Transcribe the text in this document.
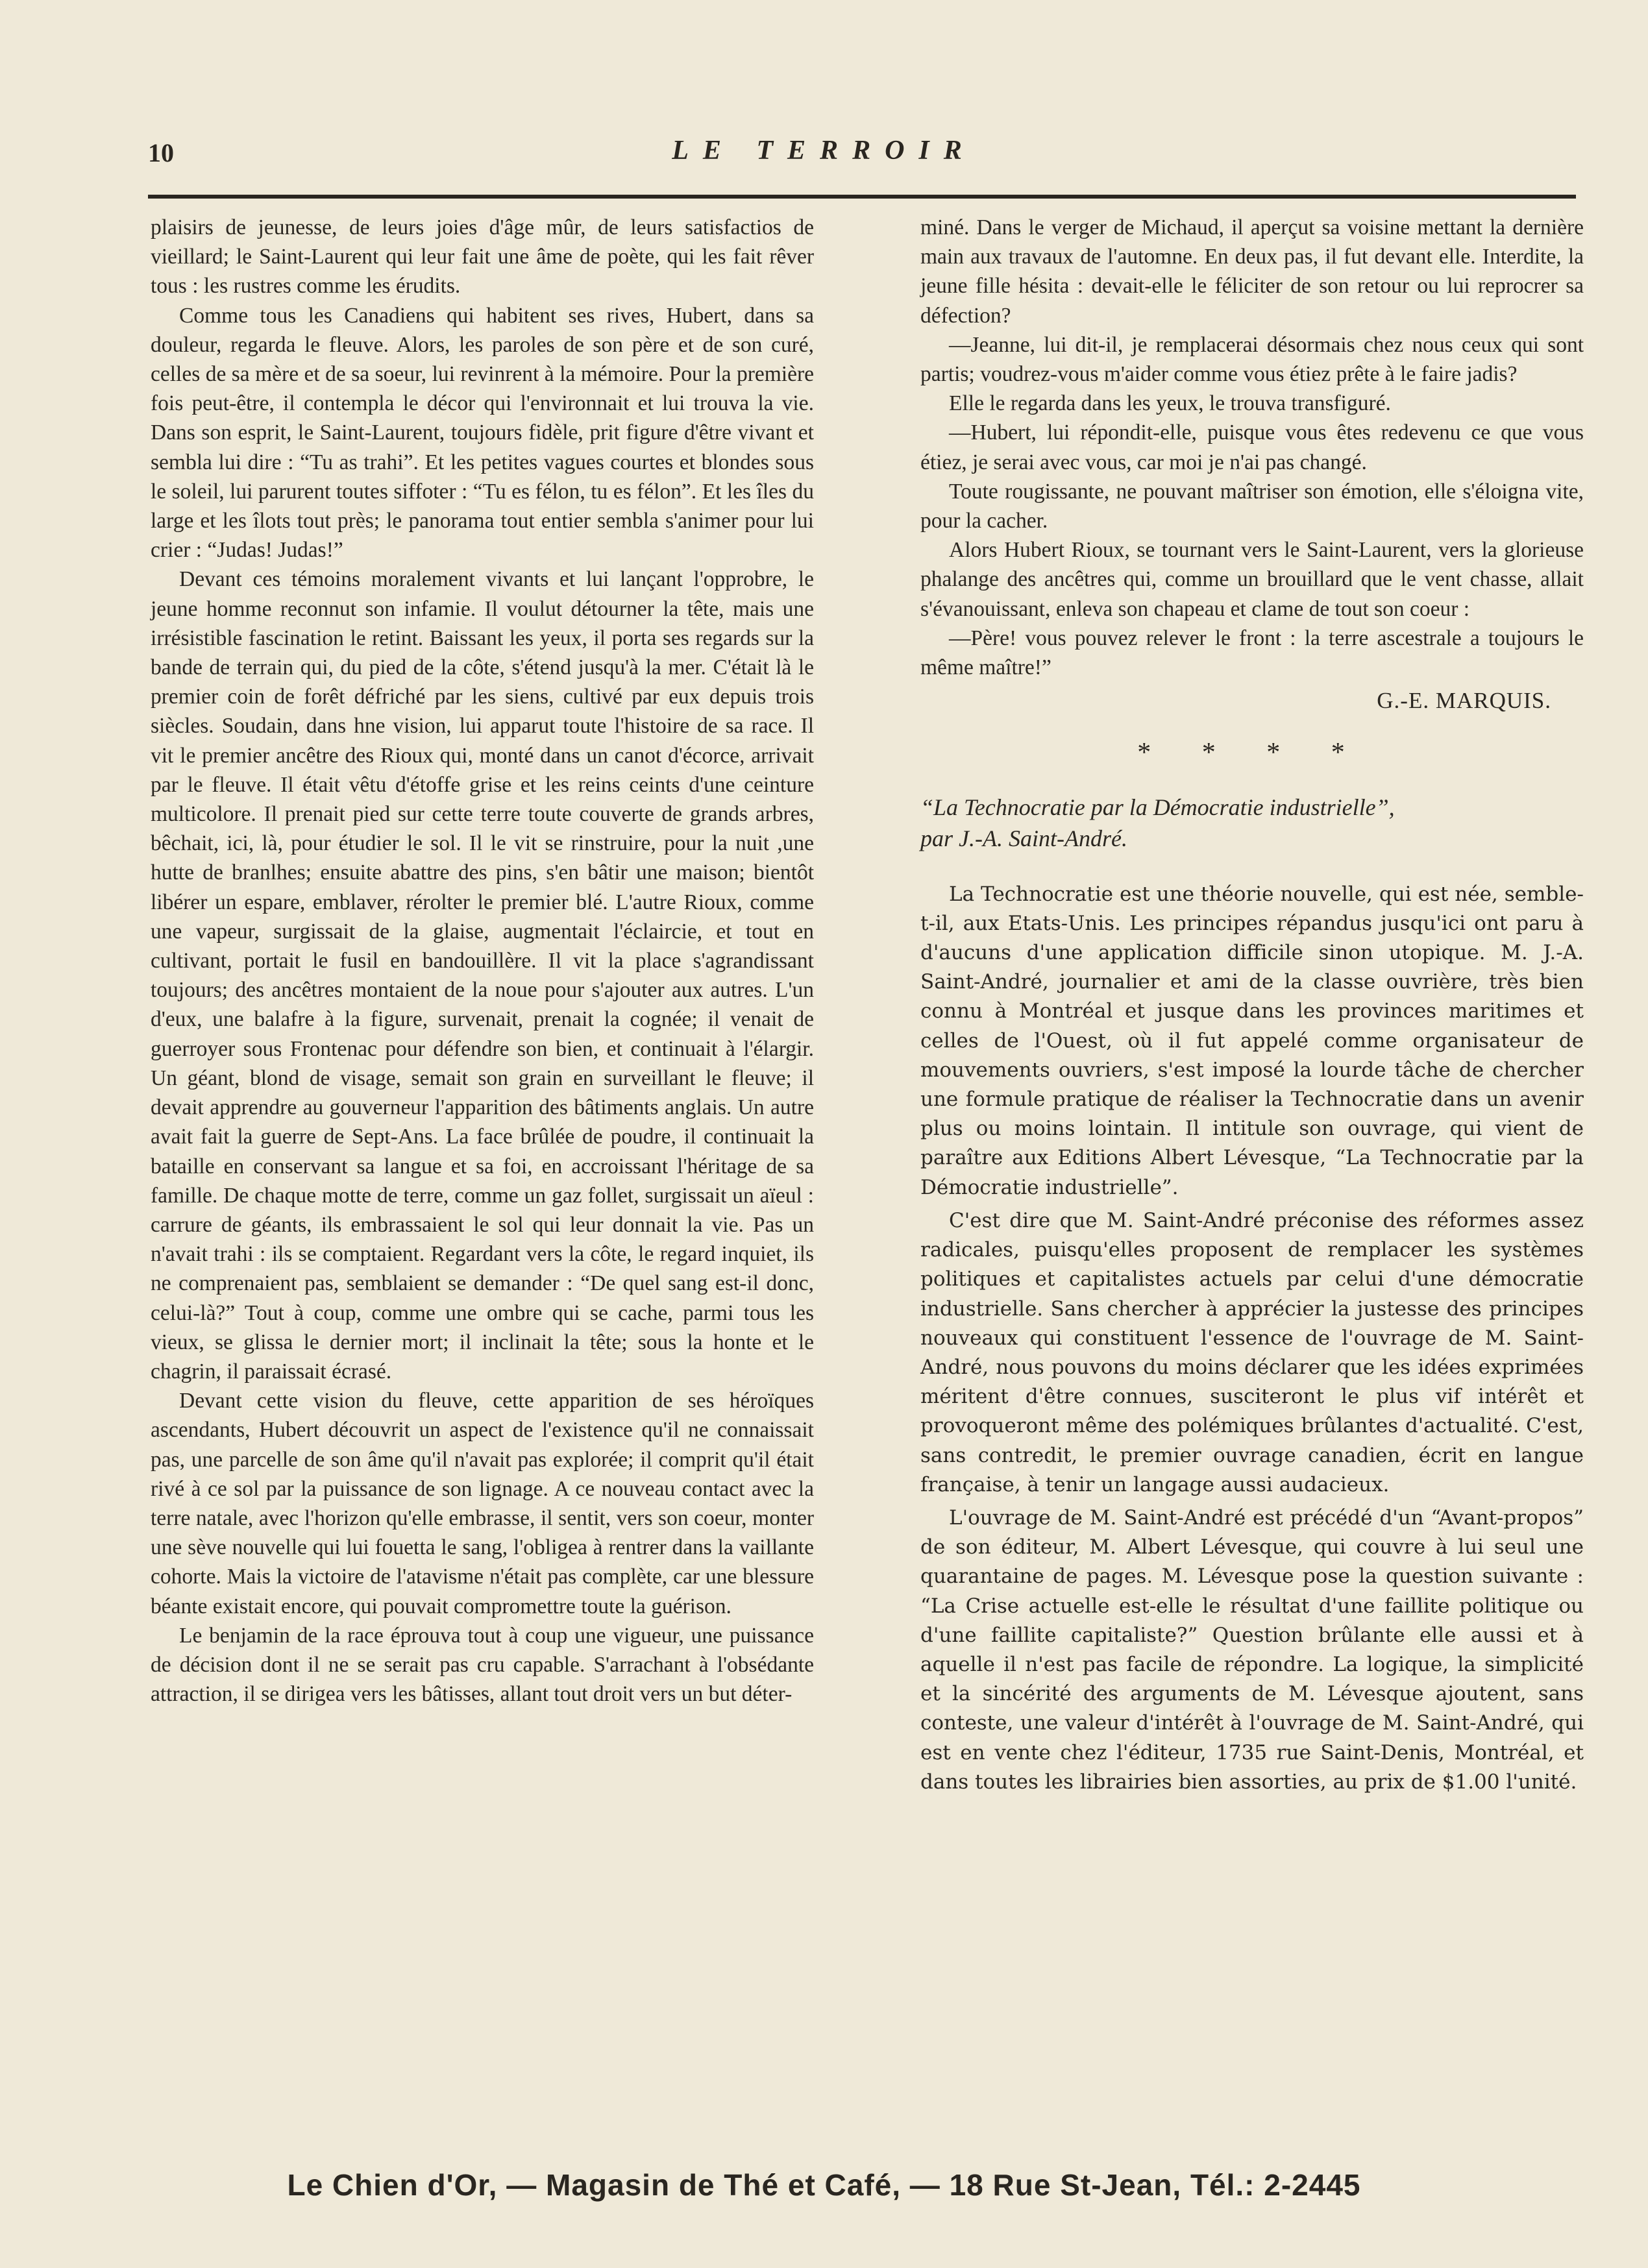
10	LE TERROIR

plaisirs de jeunesse, de leurs joies d'âge mûr, de leurs satisfactios de vieillard; le Saint-Laurent qui leur fait une âme de poète, qui les fait rêver tous : les rustres comme les érudits.

Comme tous les Canadiens qui habitent ses rives, Hubert, dans sa douleur, regarda le fleuve. Alors, les paroles de son père et de son curé, celles de sa mère et de sa soeur, lui revinrent à la mémoire. Pour la première fois peut-être, il contempla le décor qui l'environnait et lui trouva la vie. Dans son esprit, le Saint-Laurent, toujours fidèle, prit figure d'être vivant et sembla lui dire : “Tu as trahi”. Et les petites vagues courtes et blondes sous le soleil, lui parurent toutes siffoter : “Tu es félon, tu es félon”. Et les îles du large et les îlots tout près; le panorama tout entier sembla s'animer pour lui crier : “Judas! Judas!”

Devant ces témoins moralement vivants et lui lançant l'opprobre, le jeune homme reconnut son infamie. Il voulut détourner la tête, mais une irrésistible fascination le retint. Baissant les yeux, il porta ses regards sur la bande de terrain qui, du pied de la côte, s'étend jusqu'à la mer. C'était là le premier coin de forêt défriché par les siens, cultivé par eux depuis trois siècles. Soudain, dans hne vision, lui apparut toute l'histoire de sa race. Il vit le premier ancêtre des Rioux qui, monté dans un canot d'écorce, arrivait par le fleuve. Il était vêtu d'étoffe grise et les reins ceints d'une ceinture multicolore. Il prenait pied sur cette terre toute couverte de grands arbres, bêchait, ici, là, pour étudier le sol. Il le vit se rinstruire, pour la nuit ,une hutte de branlhes; ensuite abattre des pins, s'en bâtir une maison; bientôt libérer un espare, emblaver, rérolter le premier blé. L'autre Rioux, comme une vapeur, surgissait de la glaise, augmentait l'éclaircie, et tout en cultivant, portait le fusil en bandouillère. Il vit la place s'agrandissant toujours; des ancêtres montaient de la noue pour s'ajouter aux autres. L'un d'eux, une balafre à la figure, survenait, prenait la cognée; il venait de guerroyer sous Frontenac pour défendre son bien, et continuait à l'élargir. Un géant, blond de visage, semait son grain en surveillant le fleuve; il devait apprendre au gouverneur l'apparition des bâtiments anglais. Un autre avait fait la guerre de Sept-Ans. La face brûlée de poudre, il continuait la bataille en conservant sa langue et sa foi, en accroissant l'héritage de sa famille. De chaque motte de terre, comme un gaz follet, surgissait un aïeul : carrure de géants, ils embrassaient le sol qui leur donnait la vie. Pas un n'avait trahi : ils se comptaient. Regardant vers la côte, le regard inquiet, ils ne comprenaient pas, semblaient se demander : “De quel sang est-il donc, celui-là?” Tout à coup, comme une ombre qui se cache, parmi tous les vieux, se glissa le dernier mort; il inclinait la tête; sous la honte et le chagrin, il paraissait écrasé.

Devant cette vision du fleuve, cette apparition de ses héroïques ascendants, Hubert découvrit un aspect de l'existence qu'il ne connaissait pas, une parcelle de son âme qu'il n'avait pas explorée; il comprit qu'il était rivé à ce sol par la puissance de son lignage. A ce nouveau contact avec la terre natale, avec l'horizon qu'elle embrasse, il sentit, vers son coeur, monter une sève nouvelle qui lui fouetta le sang, l'obligea à rentrer dans la vaillante cohorte. Mais la victoire de l'atavisme n'était pas complète, car une blessure béante existait encore, qui pouvait compromettre toute la guérison.

Le benjamin de la race éprouva tout à coup une vigueur, une puissance de décision dont il ne se serait pas cru capable. S'arrachant à l'obsédante attraction, il se dirigea vers les bâtisses, allant tout droit vers un but déter-

miné. Dans le verger de Michaud, il aperçut sa voisine mettant la dernière main aux travaux de l'automne. En deux pas, il fut devant elle. Interdite, la jeune fille hésita : devait-elle le féliciter de son retour ou lui reprocrer sa défection?

—Jeanne, lui dit-il, je remplacerai désormais chez nous ceux qui sont partis; voudrez-vous m'aider comme vous étiez prête à le faire jadis?

Elle le regarda dans les yeux, le trouva transfiguré.

—Hubert, lui répondit-elle, puisque vous êtes redevenu ce que vous étiez, je serai avec vous, car moi je n'ai pas changé.

Toute rougissante, ne pouvant maîtriser son émotion, elle s'éloigna vite, pour la cacher.

Alors Hubert Rioux, se tournant vers le Saint-Laurent, vers la glorieuse phalange des ancêtres qui, comme un brouillard que le vent chasse, allait s'évanouissant, enleva son chapeau et clame de tout son coeur :

—Père! vous pouvez relever le front : la terre ascestrale a toujours le même maître!”

G.-E. MARQUIS.
* * * *
“La Technocratie par la Démocratie industrielle”,
par J.-A. Saint-André.

La Technocratie est une théorie nouvelle, qui est née, semble-t-il, aux Etats-Unis. Les principes répandus jusqu'ici ont paru à d'aucuns d'une application difficile sinon utopique. M. J.-A. Saint-André, journalier et ami de la classe ouvrière, très bien connu à Montréal et jusque dans les provinces maritimes et celles de l'Ouest, où il fut appelé comme organisateur de mouvements ouvriers, s'est imposé la lourde tâche de chercher une formule pratique de réaliser la Technocratie dans un avenir plus ou moins lointain. Il intitule son ouvrage, qui vient de paraître aux Editions Albert Lévesque, “La Technocratie par la Démocratie industrielle”.

C'est dire que M. Saint-André préconise des réformes assez radicales, puisqu'elles proposent de remplacer les systèmes politiques et capitalistes actuels par celui d'une démocratie industrielle. Sans chercher à apprécier la justesse des principes nouveaux qui constituent l'essence de l'ouvrage de M. Saint-André, nous pouvons du moins déclarer que les idées exprimées méritent d'être connues, susciteront le plus vif intérêt et provoqueront même des polémiques brûlantes d'actualité. C'est, sans contredit, le premier ouvrage canadien, écrit en langue française, à tenir un langage aussi audacieux.

L'ouvrage de M. Saint-André est précédé d'un “Avant-propos” de son éditeur, M. Albert Lévesque, qui couvre à lui seul une quarantaine de pages. M. Lévesque pose la question suivante : “La Crise actuelle est-elle le résultat d'une faillite politique ou d'une faillite capitaliste?” Question brûlante elle aussi et à aquelle il n'est pas facile de répondre. La logique, la simplicité et la sincérité des arguments de M. Lévesque ajoutent, sans conteste, une valeur d'intérêt à l'ouvrage de M. Saint-André, qui est en vente chez l'éditeur, 1735 rue Saint-Denis, Montréal, et dans toutes les librairies bien assorties, au prix de $1.00 l'unité.

Le Chien d'Or, — Magasin de Thé et Café, — 18 Rue St-Jean, Tél.: 2-2445
